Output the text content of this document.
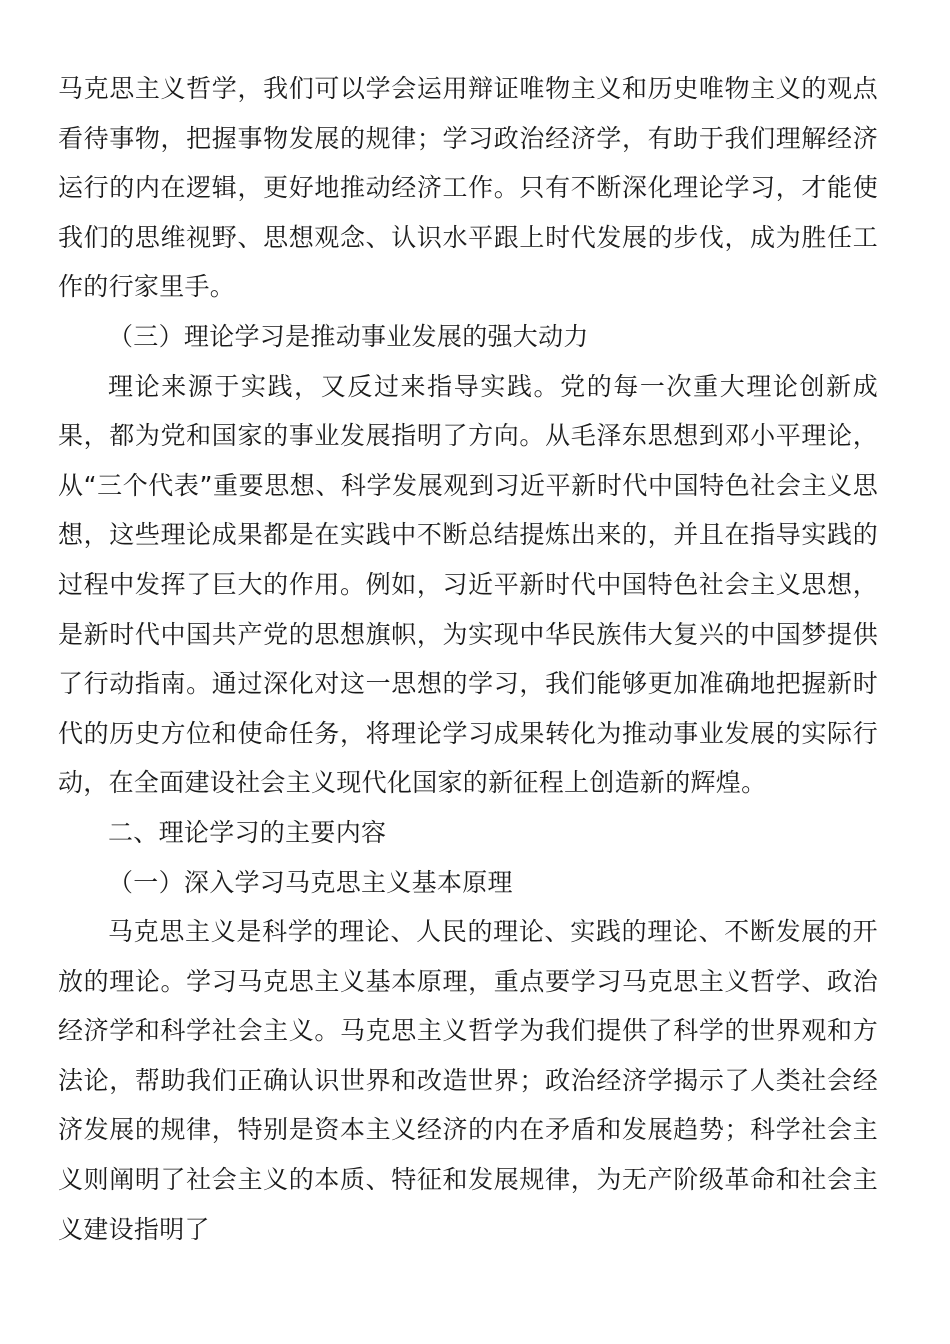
马克思主义哲学，我们可以学会运用辩证唯物主义和历史唯物主义的观点看待事物，把握事物发展的规律；学习政治经济学，有助于我们理解经济运行的内在逻辑，更好地推动经济工作。只有不断深化理论学习，才能使我们的思维视野、思想观念、认识水平跟上时代发展的步伐，成为胜任工作的行家里手。

（三）理论学习是推动事业发展的强大动力

理论来源于实践，又反过来指导实践。党的每一次重大理论创新成果，都为党和国家的事业发展指明了方向。从毛泽东思想到邓小平理论，从“三个代表”重要思想、科学发展观到习近平新时代中国特色社会主义思想，这些理论成果都是在实践中不断总结提炼出来的，并且在指导实践的过程中发挥了巨大的作用。例如，习近平新时代中国特色社会主义思想，是新时代中国共产党的思想旗帜，为实现中华民族伟大复兴的中国梦提供了行动指南。通过深化对这一思想的学习，我们能够更加准确地把握新时代的历史方位和使命任务，将理论学习成果转化为推动事业发展的实际行动，在全面建设社会主义现代化国家的新征程上创造新的辉煌。

二、理论学习的主要内容

（一）深入学习马克思主义基本原理

马克思主义是科学的理论、人民的理论、实践的理论、不断发展的开放的理论。学习马克思主义基本原理，重点要学习马克思主义哲学、政治经济学和科学社会主义。马克思主义哲学为我们提供了科学的世界观和方法论，帮助我们正确认识世界和改造世界；政治经济学揭示了人类社会经济发展的规律，特别是资本主义经济的内在矛盾和发展趋势；科学社会主义则阐明了社会主义的本质、特征和发展规律，为无产阶级革命和社会主义建设指明了
